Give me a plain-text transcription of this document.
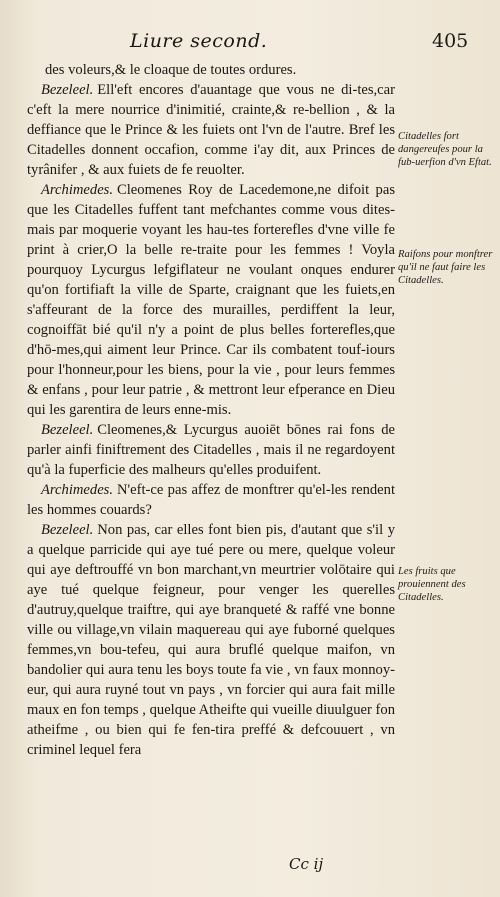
Liure second.	405

des voleurs,& le cloaque de toutes ordures.

Bezeleel. Ell'eft encores d'auantage que vous ne di-tes,car c'eft la mere nourrice d'inimitié, crainte,& re-bellion , & la deffiance que le Prince & les fuiets ont l'vn de l'autre. Bref les Citadelles donnent occafion, comme i'ay dit, aux Princes de tyrânifer , & aux fuiets de fe reuolter.

Archimedes. Cleomenes Roy de Lacedemone,ne difoit pas que les Citadelles fuffent tant mefchantes comme vous dites-mais par moquerie voyant les hau-tes forterefles d'vne ville fe print à crier,O la belle re-traite pour les femmes ! Voyla pourquoy Lycurgus lefgiflateur ne voulant onques endurer qu'on fortifiaft la ville de Sparte, craignant que les fuiets,en s'affeurant de la force des murailles, perdiffent la leur, cognoiffāt bié qu'il n'y a point de plus belles forterefles,que d'hō-mes,qui aiment leur Prince. Car ils combatent touf-iours pour l'honneur,pour les biens, pour la vie , pour leurs femmes & enfans , pour leur patrie , & mettront leur efperance en Dieu qui les garentira de leurs enne-mis.

Bezeleel. Cleomenes,& Lycurgus auoiēt bōnes rai fons de parler ainfi finiftrement des Citadelles , mais il ne regardoyent qu'à la fuperficie des malheurs qu'elles produifent.

Archimedes. N'eft-ce pas affez de monftrer qu'el-les rendent les hommes couards?

Bezeleel. Non pas, car elles font bien pis, d'autant que s'il y a quelque parricide qui aye tué pere ou mere, quelque voleur qui aye deftrouffé vn bon marchant,vn meurtrier volōtaire qui aye tué quelque feigneur, pour venger les querelles d'autruy,quelque traiftre, qui aye branqueté & raffé vne bonne ville ou village,vn vilain maquereau qui aye fuborné quelques femmes,vn bou-tefeu, qui aura bruflé quelque maifon, vn bandolier qui aura tenu les boys toute fa vie , vn faux monnoy-eur, qui aura ruyné tout vn pays , vn forcier qui aura fait mille maux en fon temps , quelque Atheifte qui vueille diuulguer fon atheifme , ou bien qui fe fen-tira preffé & defcouuert , vn criminel lequel fera

Citadelles fort dangereufes pour la fub-uerfion d'vn Eftat.
Raifons pour monftrer qu'il ne faut faire les Citadelles.
Les fruits que prouiennent des Citadelles.
Cc ij
